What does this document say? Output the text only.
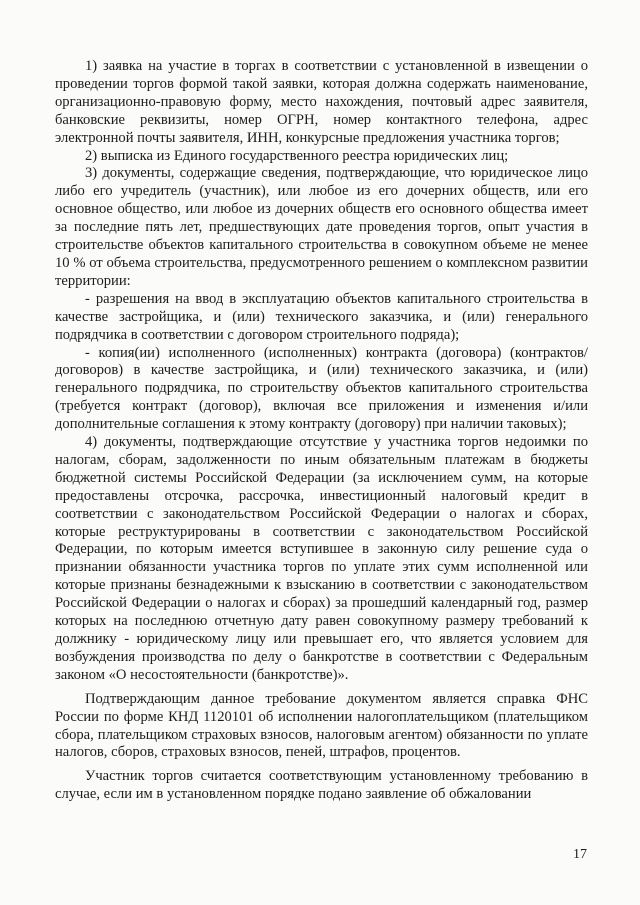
1) заявка на участие в торгах в соответствии с установленной в извещении о проведении торгов формой такой заявки, которая должна содержать наименование, организационно-правовую форму, место нахождения, почтовый адрес заявителя, банковские реквизиты, номер ОГРН, номер контактного телефона, адрес электронной почты заявителя, ИНН, конкурсные предложения участника торгов;

2) выписка из Единого государственного реестра юридических лиц;

3) документы, содержащие сведения, подтверждающие, что юридическое лицо либо его учредитель (участник), или любое из его дочерних обществ, или его основное общество, или любое из дочерних обществ его основного общества имеет за последние пять лет, предшествующих дате проведения торгов, опыт участия в строительстве объектов капитального строительства в совокупном объеме не менее 10 % от объема строительства, предусмотренного решением о комплексном развитии территории:

- разрешения на ввод в эксплуатацию объектов капитального строительства в качестве застройщика, и (или) технического заказчика, и (или) генерального подрядчика в соответствии с договором строительного подряда);

- копия(ии) исполненного (исполненных) контракта (договора) (контрактов/договоров) в качестве застройщика, и (или) технического заказчика, и (или) генерального подрядчика, по строительству объектов капитального строительства (требуется контракт (договор), включая все приложения и изменения и/или дополнительные соглашения к этому контракту (договору) при наличии таковых);

4) документы, подтверждающие отсутствие у участника торгов недоимки по налогам, сборам, задолженности по иным обязательным платежам в бюджеты бюджетной системы Российской Федерации (за исключением сумм, на которые предоставлены отсрочка, рассрочка, инвестиционный налоговый кредит в соответствии с законодательством Российской Федерации о налогах и сборах, которые реструктурированы в соответствии с законодательством Российской Федерации, по которым имеется вступившее в законную силу решение суда о признании обязанности участника торгов по уплате этих сумм исполненной или которые признаны безнадежными к взысканию в соответствии с законодательством Российской Федерации о налогах и сборах) за прошедший календарный год, размер которых на последнюю отчетную дату равен совокупному размеру требований к должнику - юридическому лицу или превышает его, что является условием для возбуждения производства по делу о банкротстве в соответствии с Федеральным законом «О несостоятельности (банкротстве)».

Подтверждающим данное требование документом является справка ФНС России по форме КНД 1120101 об исполнении налогоплательщиком (плательщиком сбора, плательщиком страховых взносов, налоговым агентом) обязанности по уплате налогов, сборов, страховых взносов, пеней, штрафов, процентов.

Участник торгов считается соответствующим установленному требованию в случае, если им в установленном порядке подано заявление об обжаловании

17
